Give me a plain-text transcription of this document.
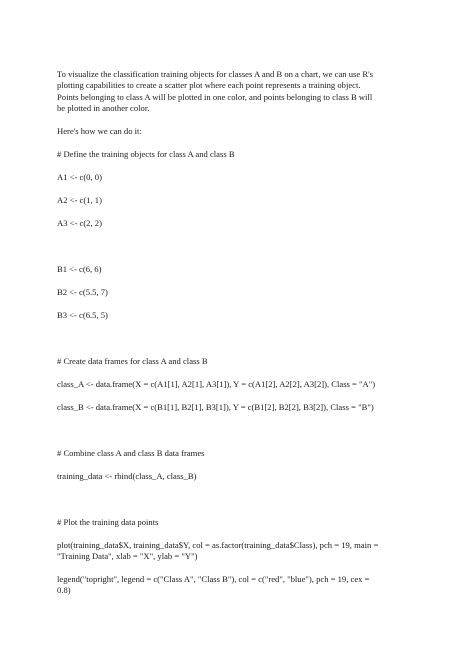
To visualize the classification training objects for classes A and B on a chart, we can use R's

plotting capabilities to create a scatter plot where each point represents a training object.

Points belonging to class A will be plotted in one color, and points belonging to class B will

be plotted in another color.

Here's how we can do it:

# Define the training objects for class A and class B

A1 <- c(0, 0)

A2 <- c(1, 1)

A3 <- c(2, 2)

B1 <- c(6, 6)

B2 <- c(5.5, 7)

B3 <- c(6.5, 5)

# Create data frames for class A and class B

class_A <- data.frame(X = c(A1[1], A2[1], A3[1]), Y = c(A1[2], A2[2], A3[2]), Class = "A")

class_B <- data.frame(X = c(B1[1], B2[1], B3[1]), Y = c(B1[2], B2[2], B3[2]), Class = "B")

# Combine class A and class B data frames

training_data <- rbind(class_A, class_B)

# Plot the training data points

plot(training_data$X, training_data$Y, col = as.factor(training_data$Class), pch = 19, main =

"Training Data", xlab = "X", ylab = "Y")

legend("topright", legend = c("Class A", "Class B"), col = c("red", "blue"), pch = 19, cex =

0.8)
